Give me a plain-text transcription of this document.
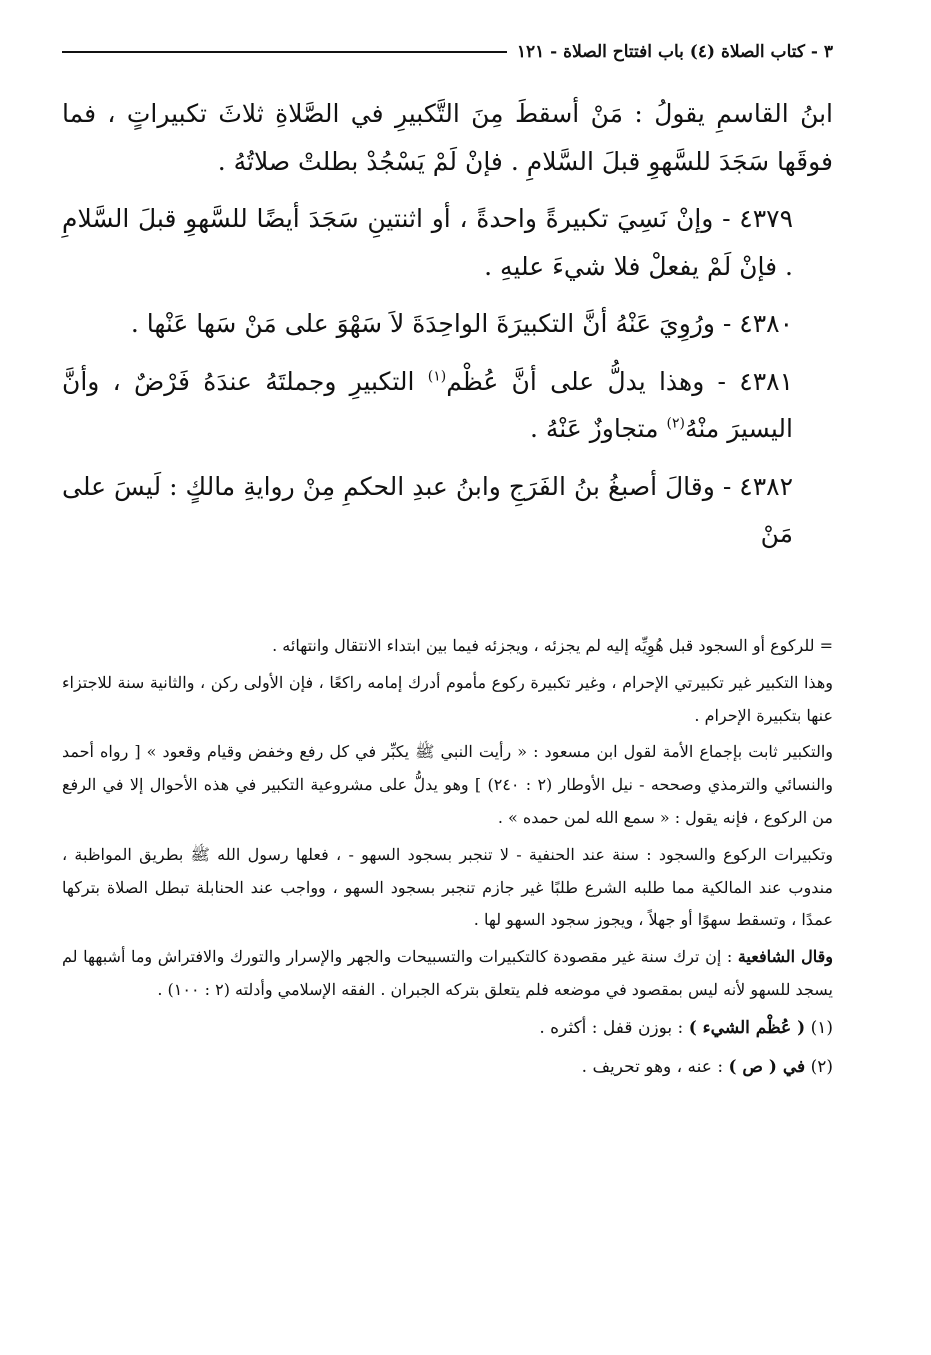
٣ - كتاب الصلاة (٤) باب افتتاح الصلاة - ١٢١

ابنُ القاسمِ يقولُ : مَنْ أسقطَ مِنَ التَّكبيرِ في الصَّلاةِ ثلاثَ تكبيراتٍ ، فما فوقَها سَجَدَ للسَّهوِ قبلَ السَّلامِ . فإنْ لَمْ يَسْجُدْ بطلتْ صلاتُهُ .

٤٣٧٩ - وإنْ نَسِيَ تكبيرةً واحدةً ، أو اثنتينِ سَجَدَ أيضًا للسَّهوِ قبلَ السَّلامِ . فإنْ لَمْ يفعلْ فلا شيءَ عليهِ .

٤٣٨٠ - ورُوِيَ عَنْهُ أنَّ التكبيرَةَ الواحِدَةَ لاَ سَهْوَ على مَنْ سَها عَنْها .

٤٣٨١ - وهذا يدلُّ على أنَّ عُظْم$^{(١)}$ التكبيرِ وجملتَهُ عندَهُ فَرْضٌ ، وأنَّ اليسيرَ منْهُ$^{(٢)}$ متجاوزٌ عَنْهُ .

٤٣٨٢ - وقالَ أصبغُ بنُ الفَرَجِ وابنُ عبدِ الحكمِ مِنْ روايةِ مالكٍ : لَيسَ على مَنْ

= للركوع أو السجود قبل هُوِيِّه إليه لم يجزئه ، ويجزئه فيما بين ابتداء الانتقال وانتهائه .

وهذا التكبير غير تكبيرتي الإحرام ، وغير تكبيرة ركوع مأموم أدرك إمامه راكعًا ، فإن الأولى ركن ، والثانية سنة للاجتزاء عنها بتكبيرة الإحرام .

والتكبير ثابت بإجماع الأمة لقول ابن مسعود : « رأيت النبي ﷺ يكبِّر في كل رفع وخفض وقيام وقعود » [ رواه أحمد والنسائي والترمذي وصححه - نيل الأوطار (٢ : ٢٤٠) ] وهو يدلُّ على مشروعية التكبير في هذه الأحوال إلا في الرفع من الركوع ، فإنه يقول : « سمع الله لمن حمده » .

وتكبيرات الركوع والسجود : سنة عند الحنفية - لا تنجبر بسجود السهو - ، فعلها رسول الله ﷺ بطريق المواظبة ، مندوب عند المالكية مما طلبه الشرع طلبًا غير جازم تنجبر بسجود السهو ، وواجب عند الحنابلة تبطل الصلاة بتركها عمدًا ، وتسقط سهوًا أو جهلاً ، ويجوز سجود السهو لها .

وقال الشافعية : إن ترك سنة غير مقصودة كالتكبيرات والتسبيحات والجهر والإسرار والتورك والافتراش وما أشبهها لم يسجد للسهو لأنه ليس بمقصود في موضعه فلم يتعلق بتركه الجبران . الفقه الإسلامي وأدلته (٢ : ١٠٠) .

(١) ( عُظْم الشيء ) : بوزن قفل : أكثره .

(٢) في ( ص ) : عنه ، وهو تحريف .
